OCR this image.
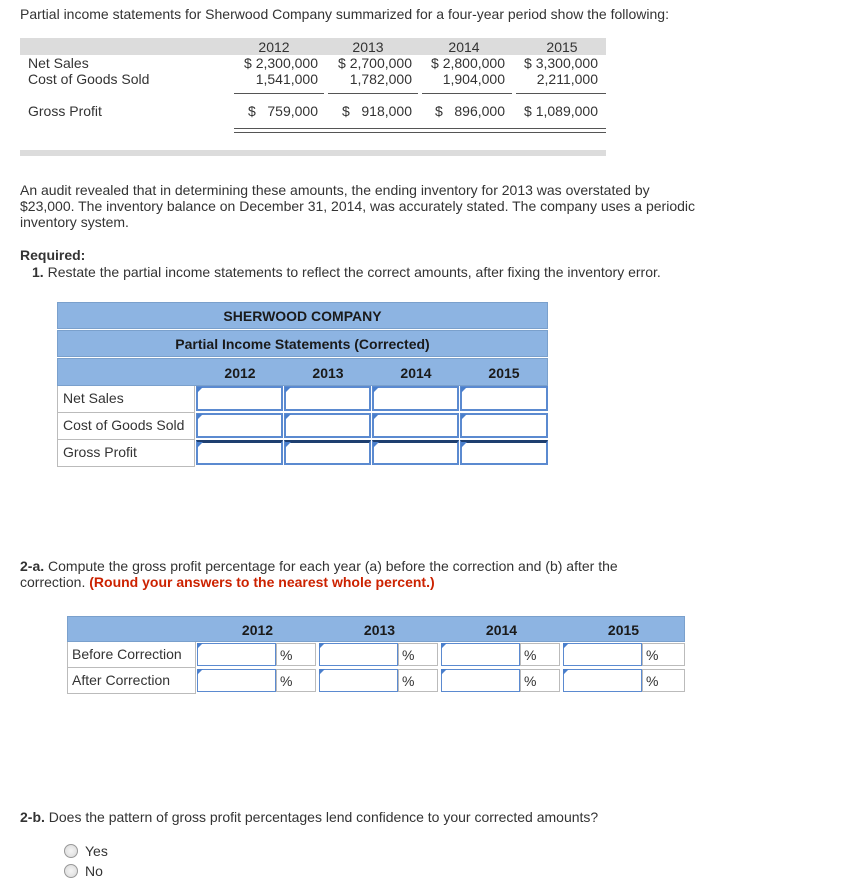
Partial income statements for Sherwood Company summarized for a four-year period show the following:
2012	2013	2014	2015
Net Sales	$ 2,300,000	$ 2,700,000	$ 2,800,000	$ 3,300,000
Cost of Goods Sold	1,541,000	1,782,000	1,904,000	2,211,000
Gross Profit	$   759,000	$   918,000	$   896,000	$ 1,089,000
An audit revealed that in determining these amounts, the ending inventory for 2013 was overstated by $23,000. The inventory balance on December 31, 2014, was accurately stated. The company uses a periodic inventory system.
Required:
1. Restate the partial income statements to reflect the correct amounts, after fixing the inventory error.
SHERWOOD COMPANY
Partial Income Statements (Corrected)
2012	2013	2014	2015
Net Sales
Cost of Goods Sold
Gross Profit
2-a. Compute the gross profit percentage for each year (a) before the correction and (b) after the correction. (Round your answers to the nearest whole percent.)
2012	2013	2014	2015
Before Correction	%	%	%	%
After Correction	%	%	%	%
2-b. Does the pattern of gross profit percentages lend confidence to your corrected amounts?
Yes
No
